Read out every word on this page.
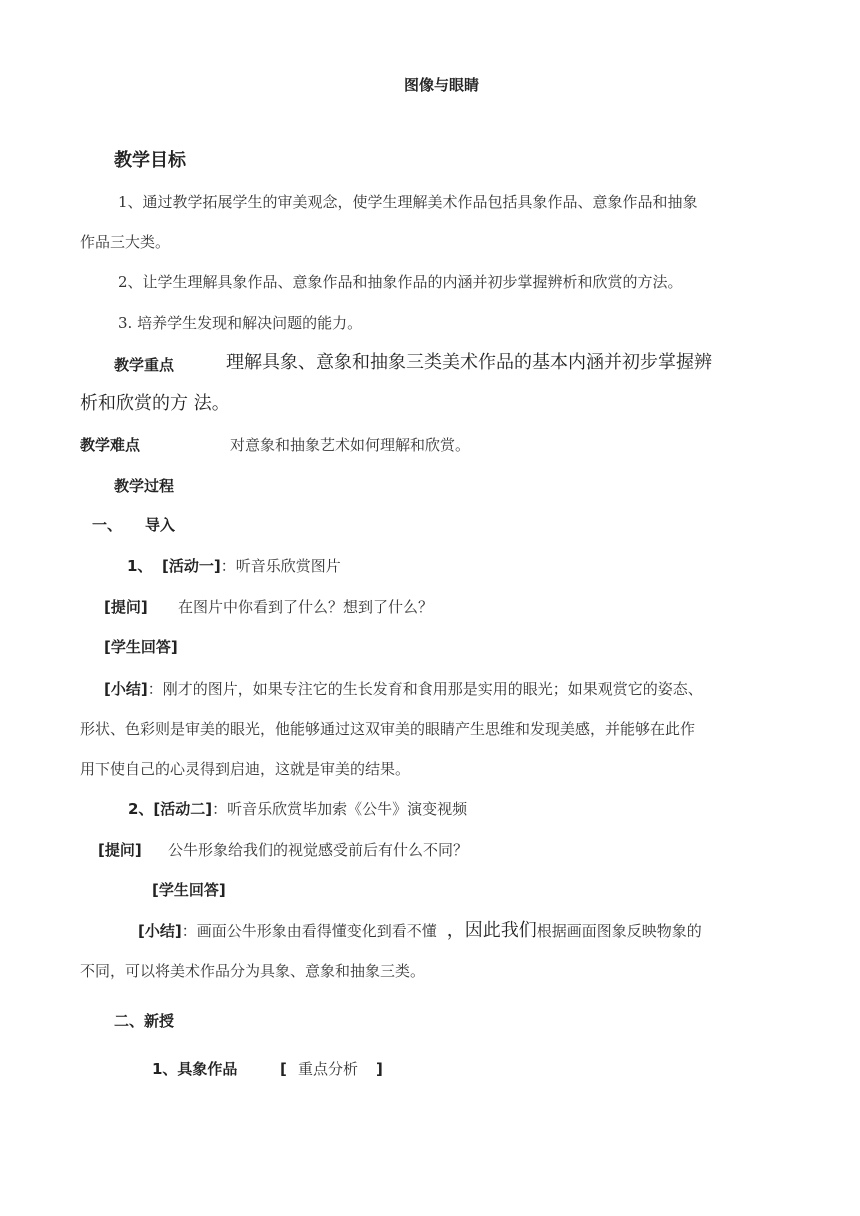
图像与眼睛
教学目标
1、通过教学拓展学生的审美观念，使学生理解美术作品包括具象作品、意象作品和抽象
作品三大类。
2、让学生理解具象作品、意象作品和抽象作品的内涵并初步掌握辨析和欣赏的方法。
3. 培养学生发现和解决问题的能力。
教学重点	理解具象、意象和抽象三类美术作品的基本内涵并初步掌握辨
析和欣赏的方 法。
教学难点	对意象和抽象艺术如何理解和欣赏。
教学过程
一、 导入
1、 [活动一]：听音乐欣赏图片
[提问] 在图片中你看到了什么？想到了什么？
[学生回答]
[小结]：刚才的图片，如果专注它的生长发育和食用那是实用的眼光；如果观赏它的姿态、
形状、色彩则是审美的眼光，他能够通过这双审美的眼睛产生思维和发现美感，并能够在此作
用下使自己的心灵得到启迪，这就是审美的结果。
2、[活动二]：听音乐欣赏毕加索《公牛》演变视频
[提问] 公牛形象给我们的视觉感受前后有什么不同？
[学生回答]
[小结]：画面公牛形象由看得懂变化到看不懂 ，因此我们根据画面图象反映物象的
不同，可以将美术作品分为具象、意象和抽象三类。
二、新授
1、具象作品	[ 重点分析 ]
